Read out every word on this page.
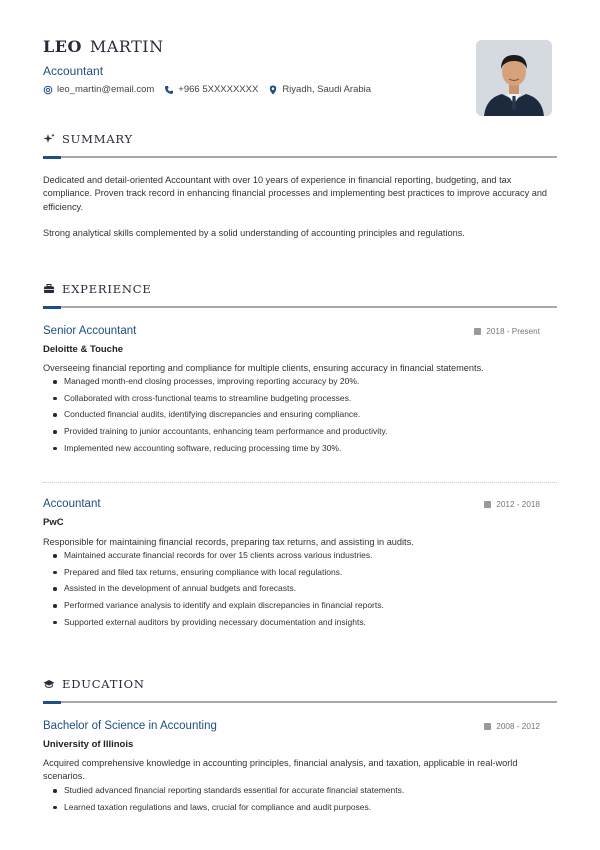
LEO MARTIN
Accountant
leo_martin@email.com	+966 5XXXXXXXX	Riyadh, Saudi Arabia
SUMMARY
Dedicated and detail-oriented Accountant with over 10 years of experience in financial reporting, budgeting, and tax compliance. Proven track record in enhancing financial processes and implementing best practices to improve accuracy and efficiency.
Strong analytical skills complemented by a solid understanding of accounting principles and regulations.
EXPERIENCE
Senior Accountant	2018 - Present
Deloitte & Touche
Overseeing financial reporting and compliance for multiple clients, ensuring accuracy in financial statements.
Managed month-end closing processes, improving reporting accuracy by 20%.
Collaborated with cross-functional teams to streamline budgeting processes.
Conducted financial audits, identifying discrepancies and ensuring compliance.
Provided training to junior accountants, enhancing team performance and productivity.
Implemented new accounting software, reducing processing time by 30%.
Accountant	2012 - 2018
PwC
Responsible for maintaining financial records, preparing tax returns, and assisting in audits.
Maintained accurate financial records for over 15 clients across various industries.
Prepared and filed tax returns, ensuring compliance with local regulations.
Assisted in the development of annual budgets and forecasts.
Performed variance analysis to identify and explain discrepancies in financial reports.
Supported external auditors by providing necessary documentation and insights.
EDUCATION
Bachelor of Science in Accounting	2008 - 2012
University of Illinois
Acquired comprehensive knowledge in accounting principles, financial analysis, and taxation, applicable in real-world scenarios.
Studied advanced financial reporting standards essential for accurate financial statements.
Learned taxation regulations and laws, crucial for compliance and audit purposes.
